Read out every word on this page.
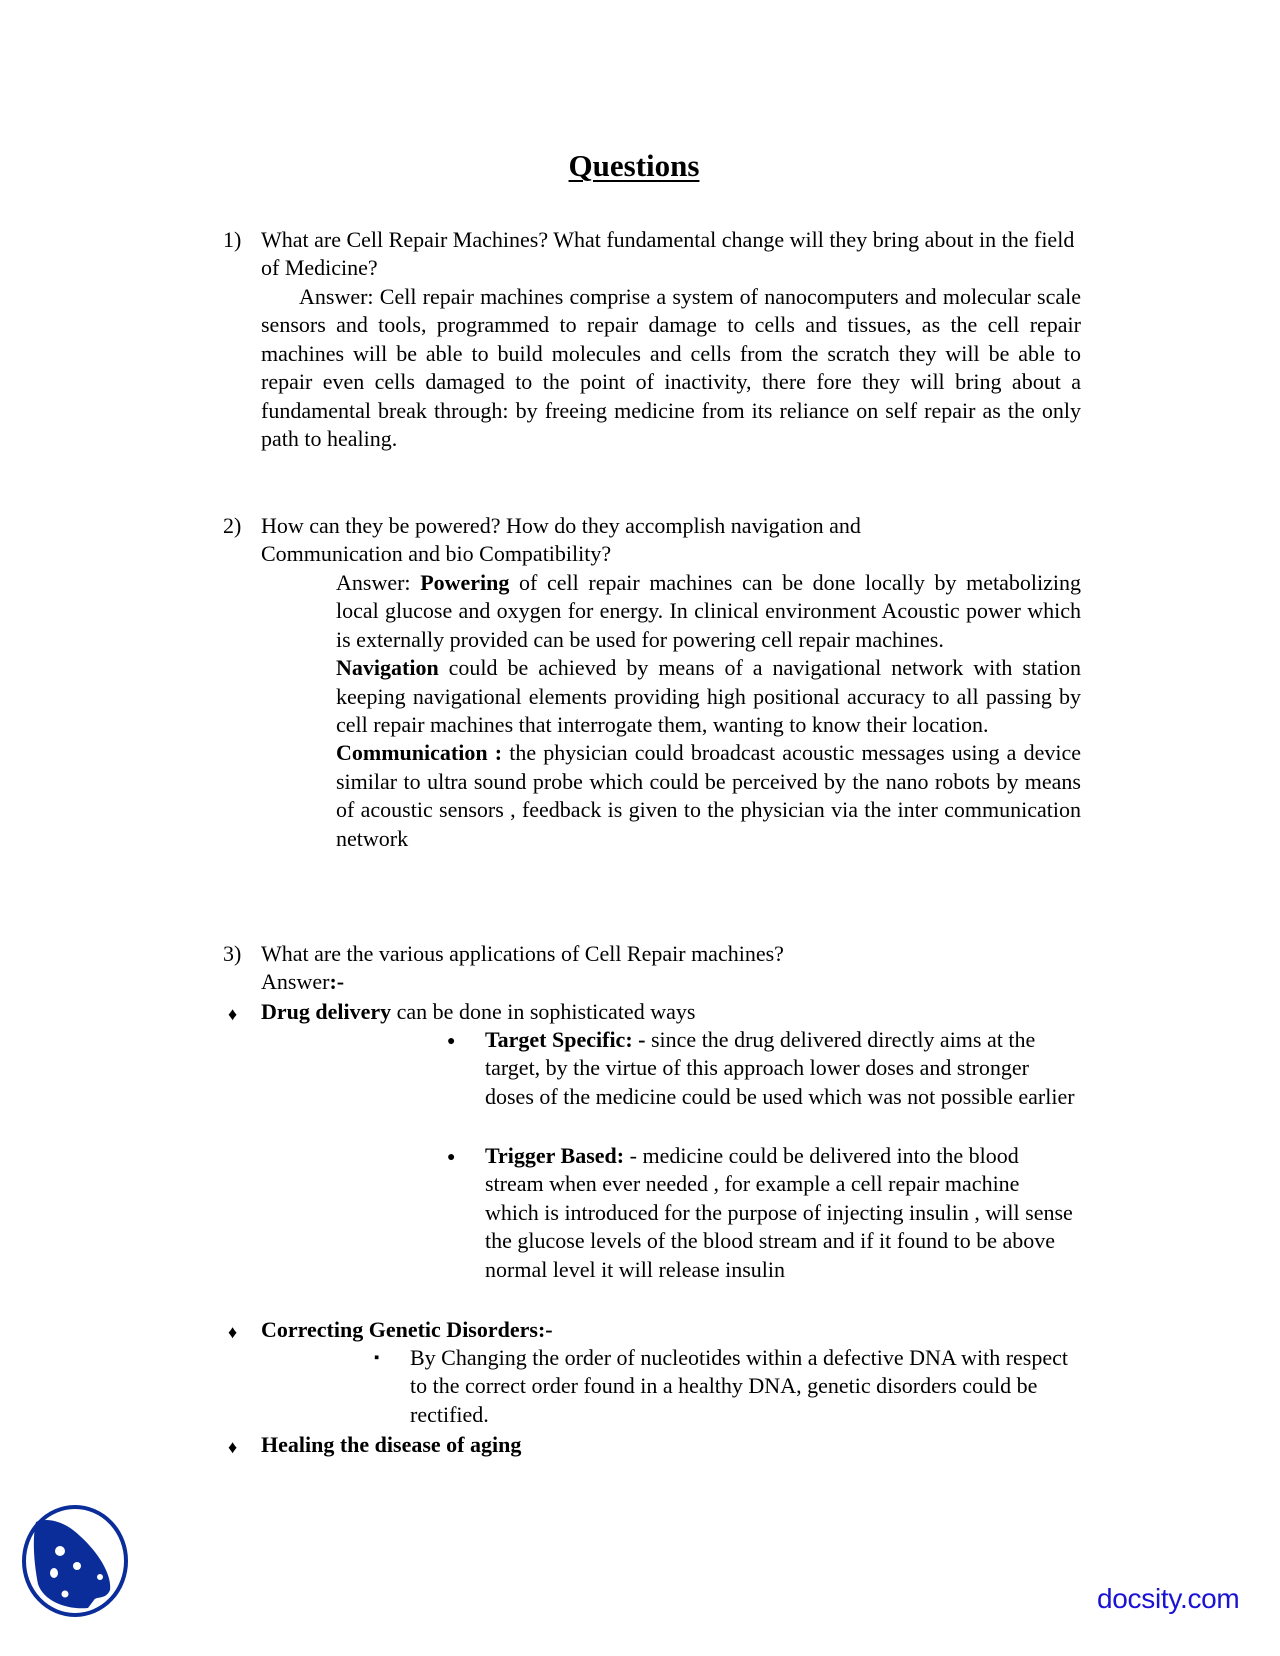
Questions
1) What are Cell Repair Machines? What fundamental change will they bring about in the field of Medicine?

Answer: Cell repair machines comprise a system of nanocomputers and molecular scale sensors and tools, programmed to repair damage to cells and tissues, as the cell repair machines will be able to build molecules and cells from the scratch they will be able to repair even cells damaged to the point of inactivity, there fore they will bring about a fundamental break through: by freeing medicine from its reliance on self repair as the only path to healing.

2) How can they be powered? How do they accomplish navigation and Communication and bio Compatibility?

Answer: Powering of cell repair machines can be done locally by metabolizing local glucose and oxygen for energy. In clinical environment Acoustic power which is externally provided can be used for powering cell repair machines.

Navigation could be achieved by means of a navigational network with station keeping navigational elements providing high positional accuracy to all passing by cell repair machines that interrogate them, wanting to know their location.

Communication : the physician could broadcast acoustic messages using a device similar to ultra sound probe which could be perceived by the nano robots by means of acoustic sensors , feedback is given to the physician via the inter communication network

3) What are the various applications of Cell Repair machines?

Answer:-

♦ Drug delivery can be done in sophisticated ways

● Target Specific: - since the drug delivered directly aims at the target, by the virtue of this approach lower doses and stronger doses of the medicine could be used which was not possible earlier

● Trigger Based: - medicine could be delivered into the blood stream when ever needed , for example a cell repair machine which is introduced for the purpose of injecting insulin , will sense the glucose levels of the blood stream and if it found to be above normal level it will release insulin

♦ Correcting Genetic Disorders:-

▪ By Changing the order of nucleotides within a defective DNA with respect to the correct order found in a healthy DNA, genetic disorders could be rectified.

♦ Healing the disease of aging

docsity.com
